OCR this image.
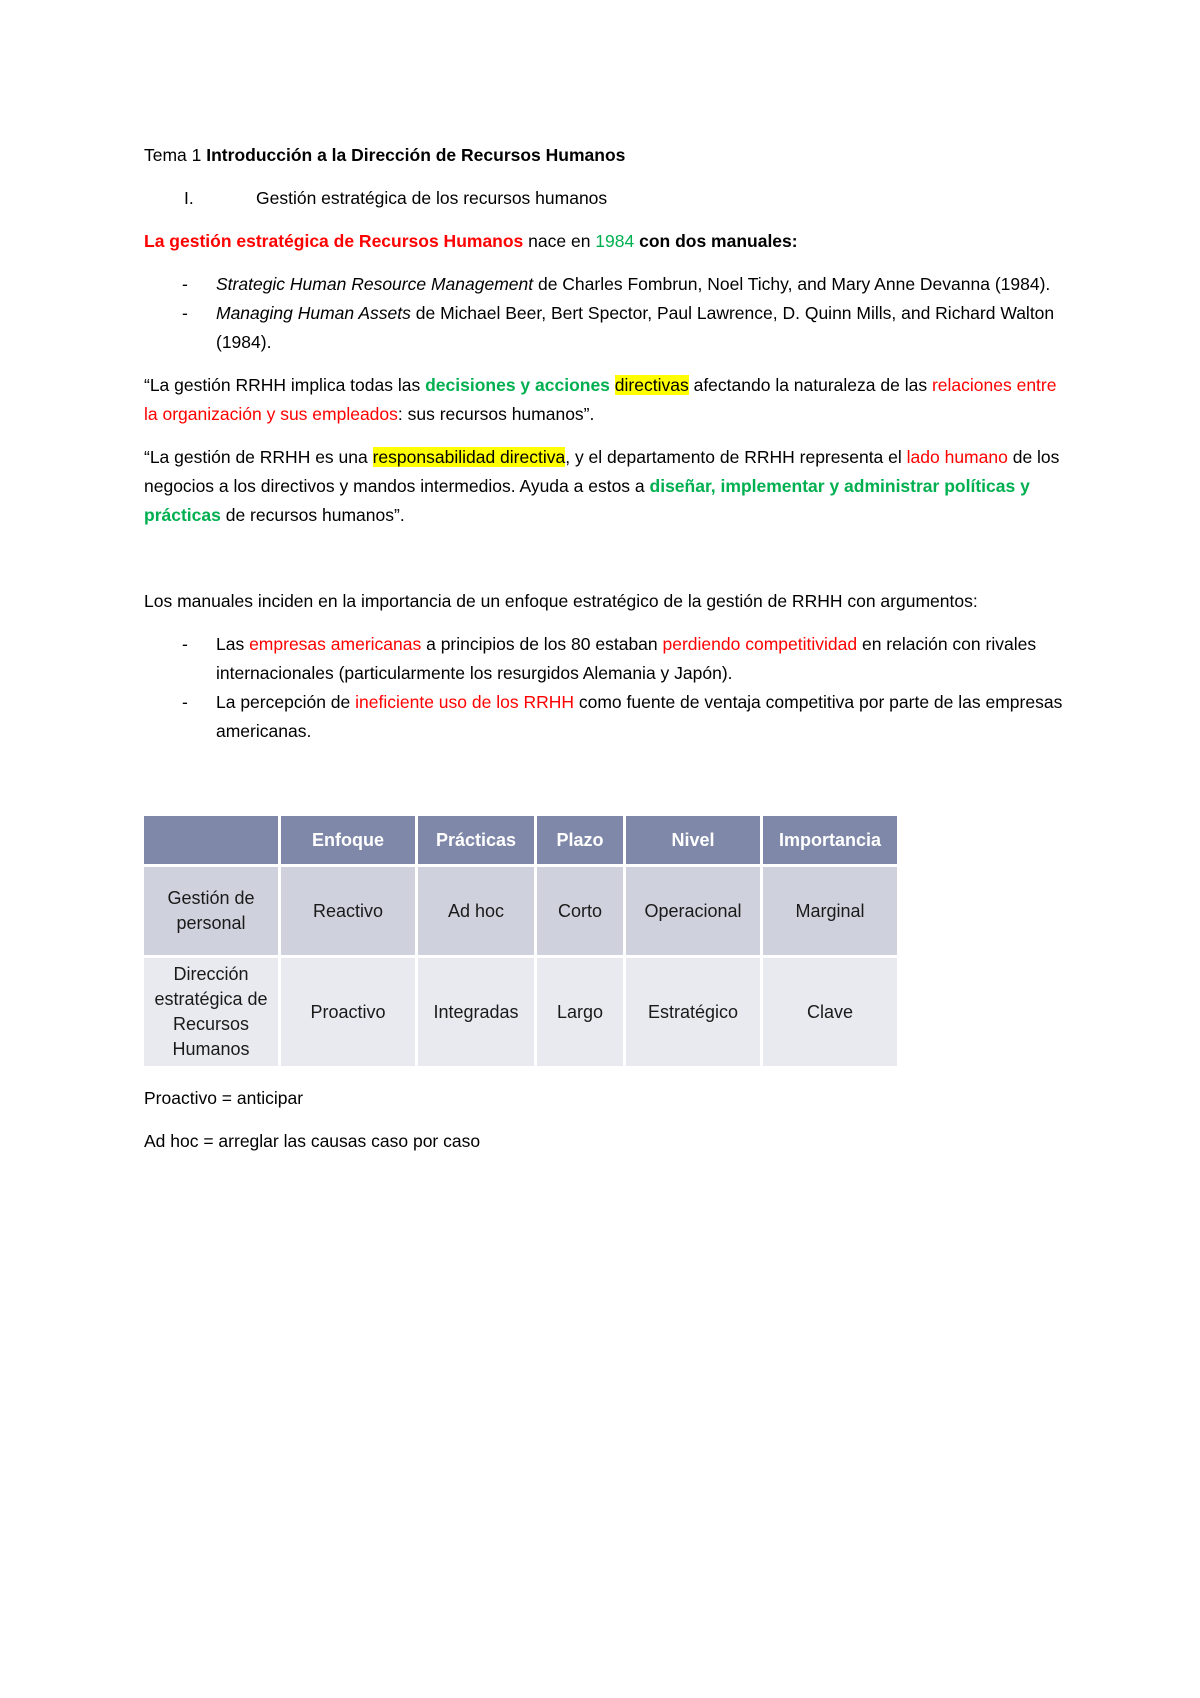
Tema 1 Introducción a la Dirección de Recursos Humanos

I.	Gestión estratégica de los recursos humanos

La gestión estratégica de Recursos Humanos nace en 1984 con dos manuales:

-	Strategic Human Resource Management de Charles Fombrun, Noel Tichy, and Mary Anne Devanna (1984).
-	Managing Human Assets de Michael Beer, Bert Spector, Paul Lawrence, D. Quinn Mills, and Richard Walton (1984).

“La gestión RRHH implica todas las decisiones y acciones directivas afectando la naturaleza de las relaciones entre la organización y sus empleados: sus recursos humanos”.

“La gestión de RRHH es una responsabilidad directiva, y el departamento de RRHH representa el lado humano de los negocios a los directivos y mandos intermedios. Ayuda a estos a diseñar, implementar y administrar políticas y prácticas de recursos humanos”.

Los manuales inciden en la importancia de un enfoque estratégico de la gestión de RRHH con argumentos:

-	Las empresas americanas a principios de los 80 estaban perdiendo competitividad en relación con rivales internacionales (particularmente los resurgidos Alemania y Japón).
-	La percepción de ineficiente uso de los RRHH como fuente de ventaja competitiva por parte de las empresas americanas.
	Enfoque	Prácticas	Plazo	Nivel	Importancia
Gestión de personal	Reactivo	Ad hoc	Corto	Operacional	Marginal
Dirección estratégica de Recursos Humanos	Proactivo	Integradas	Largo	Estratégico	Clave

Proactivo = anticipar

Ad hoc = arreglar las causas caso por caso
